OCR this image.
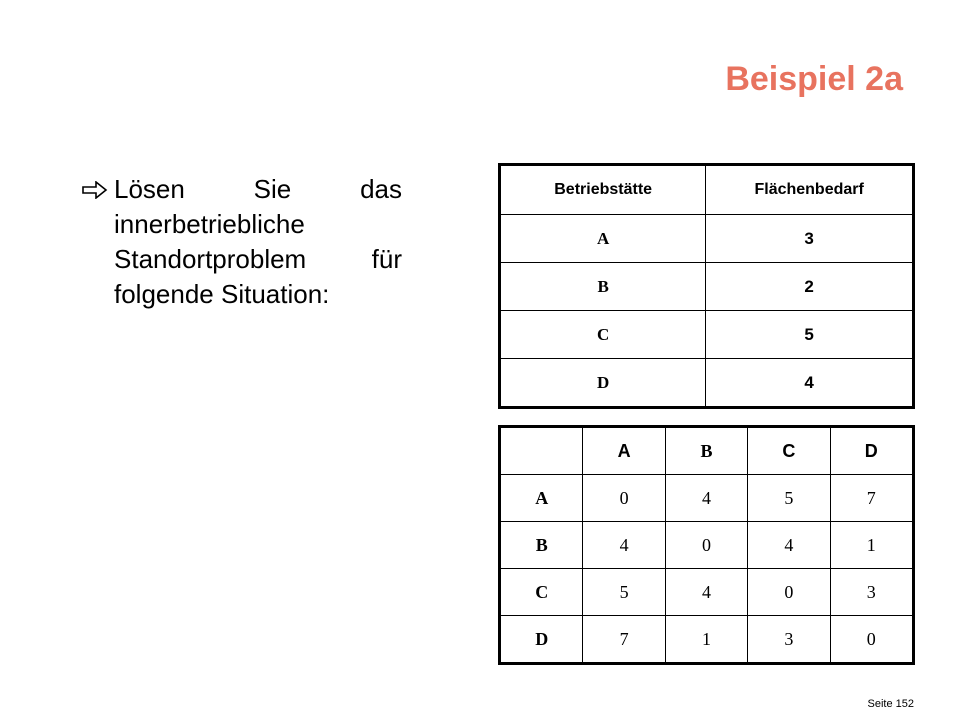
Beispiel 2a
Lösen Sie das innerbetriebliche Standortproblem für folgende Situation:
Betriebstätte	Flächenbedarf
A	3
B	2
C	5
D	4
	A	B	C	D
A	0	4	5	7
B	4	0	4	1
C	5	4	0	3
D	7	1	3	0
Seite 152
